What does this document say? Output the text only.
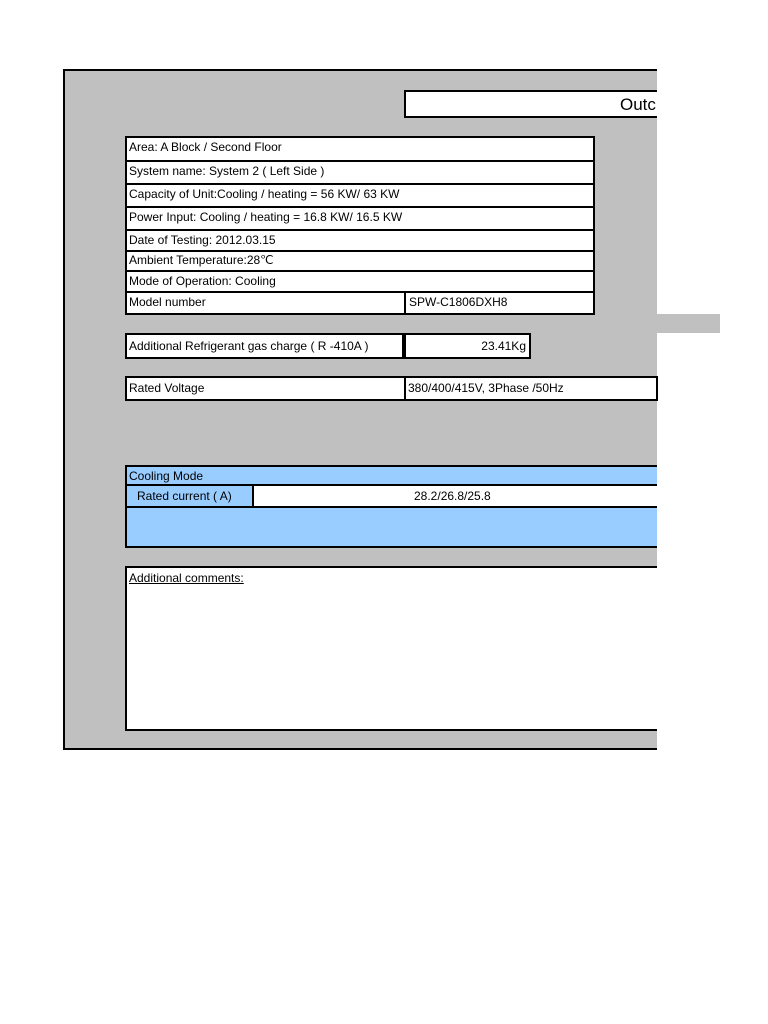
Outc
Area: A Block / Second Floor
System name: System 2 ( Left Side )
Capacity of Unit:Cooling / heating = 56 KW/ 63 KW
Power Input: Cooling / heating = 16.8 KW/ 16.5 KW
Date of Testing: 2012.03.15
Ambient Temperature:28℃
Mode of Operation: Cooling
Model number	SPW-C1806DXH8
Additional Refrigerant gas charge ( R -410A )	23.41Kg
Rated Voltage	380/400/415V, 3Phase /50Hz
Cooling Mode
Rated current ( A)	28.2/26.8/25.8
Additional comments:
